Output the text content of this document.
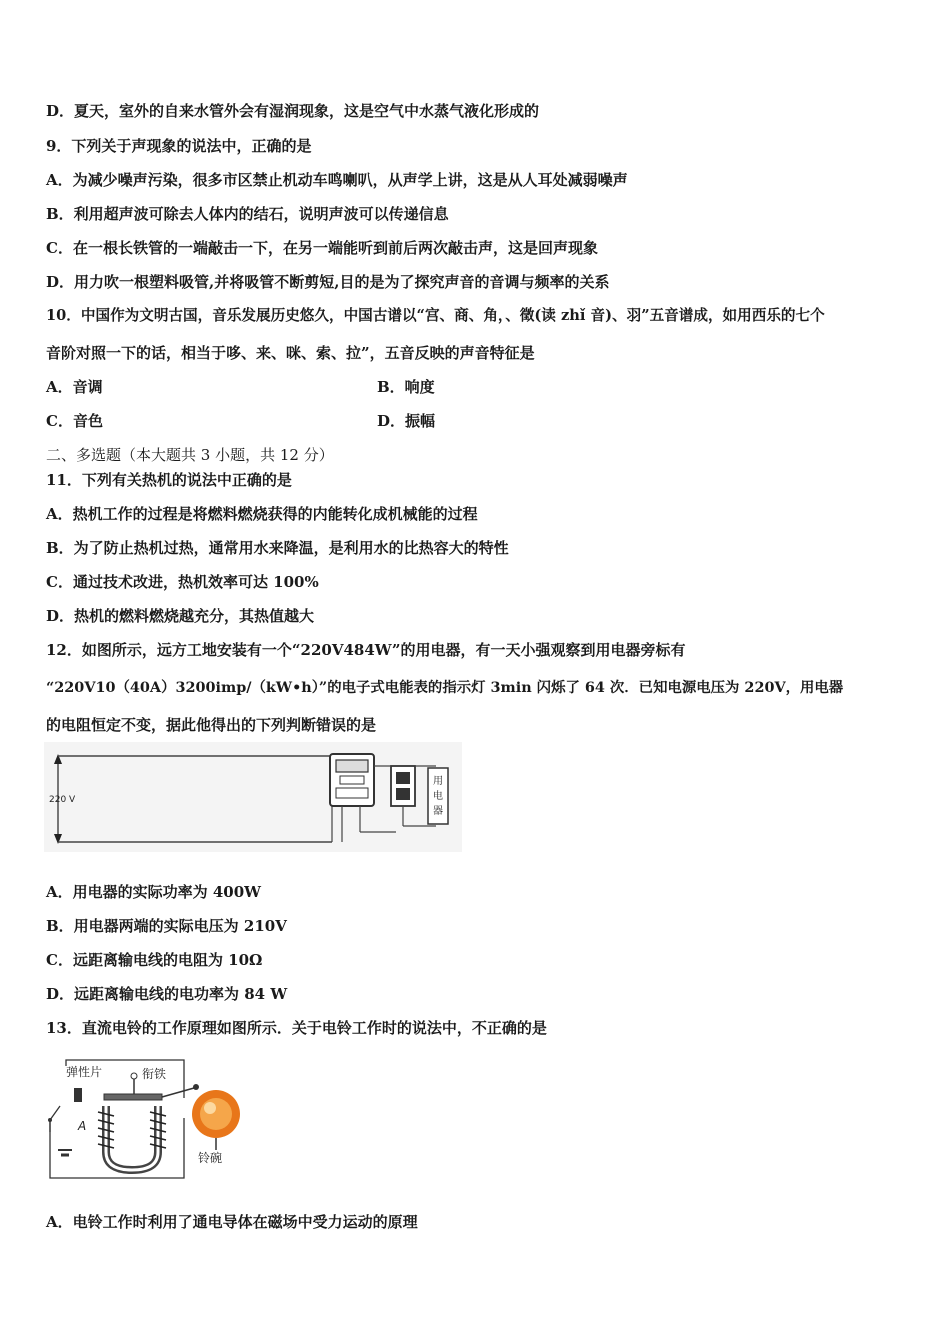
D．夏天，室外的自来水管外会有湿润现象，这是空气中水蒸气液化形成的
9．下列关于声现象的说法中，正确的是
A．为减少噪声污染，很多市区禁止机动车鸣喇叭，从声学上讲，这是从人耳处减弱噪声
B．利用超声波可除去人体内的结石，说明声波可以传递信息
C．在一根长铁管的一端敲击一下，在另一端能听到前后两次敲击声，这是回声现象
D．用力吹一根塑料吸管,并将吸管不断剪短,目的是为了探究声音的音调与频率的关系
10．中国作为文明古国，音乐发展历史悠久，中国古谱以“宫、商、角，、徵(读 zhǐ 音)、羽”五音谱成，如用西乐的七个
音阶对照一下的话，相当于哆、来、咪、索、拉”，五音反映的声音特征是
A．音调	B．响度
C．音色	D．振幅
二、多选题（本大题共 3 小题，共 12 分）
11．下列有关热机的说法中正确的是
A．热机工作的过程是将燃料燃烧获得的内能转化成机械能的过程
B．为了防止热机过热，通常用水来降温，是利用水的比热容大的特性
C．通过技术改进，热机效率可达 100%
D．热机的燃料燃烧越充分，其热值越大
12．如图所示，远方工地安装有一个“220V484W”的用电器，有一天小强观察到用电器旁标有
“220V10（40A）3200imp/（kW•h）”的电子式电能表的指示灯 3min 闪烁了 64 次．已知电源电压为 220V，用电器
的电阻恒定不变，据此他得出的下列判断错误的是
220 V
用
电
器
A．用电器的实际功率为 400W
B．用电器两端的实际电压为 210V
C．远距离输电线的电阻为 10Ω
D．远距离输电线的电功率为 84 W
13．直流电铃的工作原理如图所示．关于电铃工作时的说法中，不正确的是
弹性片	衔铁
A
铃碗
A．电铃工作时利用了通电导体在磁场中受力运动的原理
